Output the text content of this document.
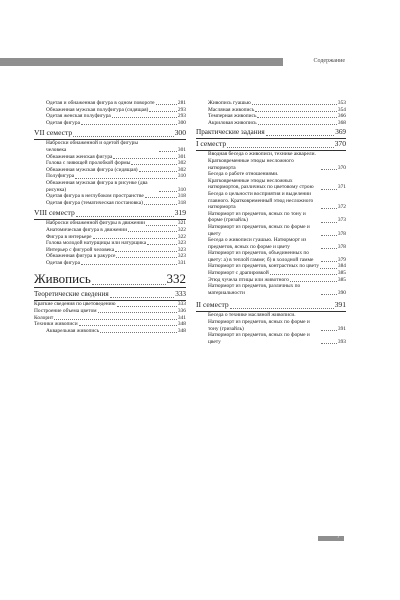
Содержание
Одетая и обнаженная фигура в одном повороте	281
Обнаженная мужская полуфигура (сидящая)	293
Одетая женская полуфигура	293
Одетая фигура	300
VII семестр	300
Наброски обнаженной и одетой фигуры человека	301
Обнаженная женская фигура	301
Голова с зияющей пролобкой формы	302
Обнаженная мужская фигура (сидящая)	302
Полуфигура	310
Обнаженная мужская фигура в рисунке (два рисунка)	310
Одетая фигура в неглубоком пространстве	318
Одетая фигура (тематическая постановка)	318
VIII семестр	319
Наброски обнаженной фигуры в движении	321
Анатомическая фигура в движении	322
Фигура в интерьере	322
Голова молодой натурщицы или натурщика	323
Интерьер с фигурой человека	323
Обнаженная фигура в ракурсе	323
Одетая фигура	331
Живопись	332
Теоретические сведения	333
Краткие сведения по цветоведению	333
Построение объема цветом	336
Колорит	341
Техники живописи	348
Акварельная живопись	348
Живопись гуашью	353
Масляная живопись	354
Темперная живопись	366
Акриловая живопись	368
Практические задания	369
I семестр	370
Вводная беседа о живописи, технике акварели. Кратковременные этюды несложного натюрморта	370
Беседа о работе отношениями. Кратковременные этюды несложных натюрмортов, различных по цветовому строю	371
Беседа о цельности восприятия и выделении главного. Кратковременный этюд несложного натюрморта	372
Натюрморт из предметов, ясных по тону и форме (гризайль)	373
Натюрморт из предметов, ясных по форме и цвету	378
Беседа о живописи гуашью. Натюрморт из предметов, ясных по форме и цвету	378
Натюрморт из предметов, объединенных по цвету: а) в теплой гамме; б) в холодной гамме	379
Натюрморт из предметов, контрастных по цвету	384
Натюрморт с драпировкой	385
Этюд чучела птицы или животного	385
Натюрморт из предметов, различных по материальности	390
II семестр	391
Беседа о технике масляной живописи. Натюрморт из предметов, ясных по форме и тону (гризайль)	391
Натюрморт из предметов, ясных по форме и цвету	393
7
